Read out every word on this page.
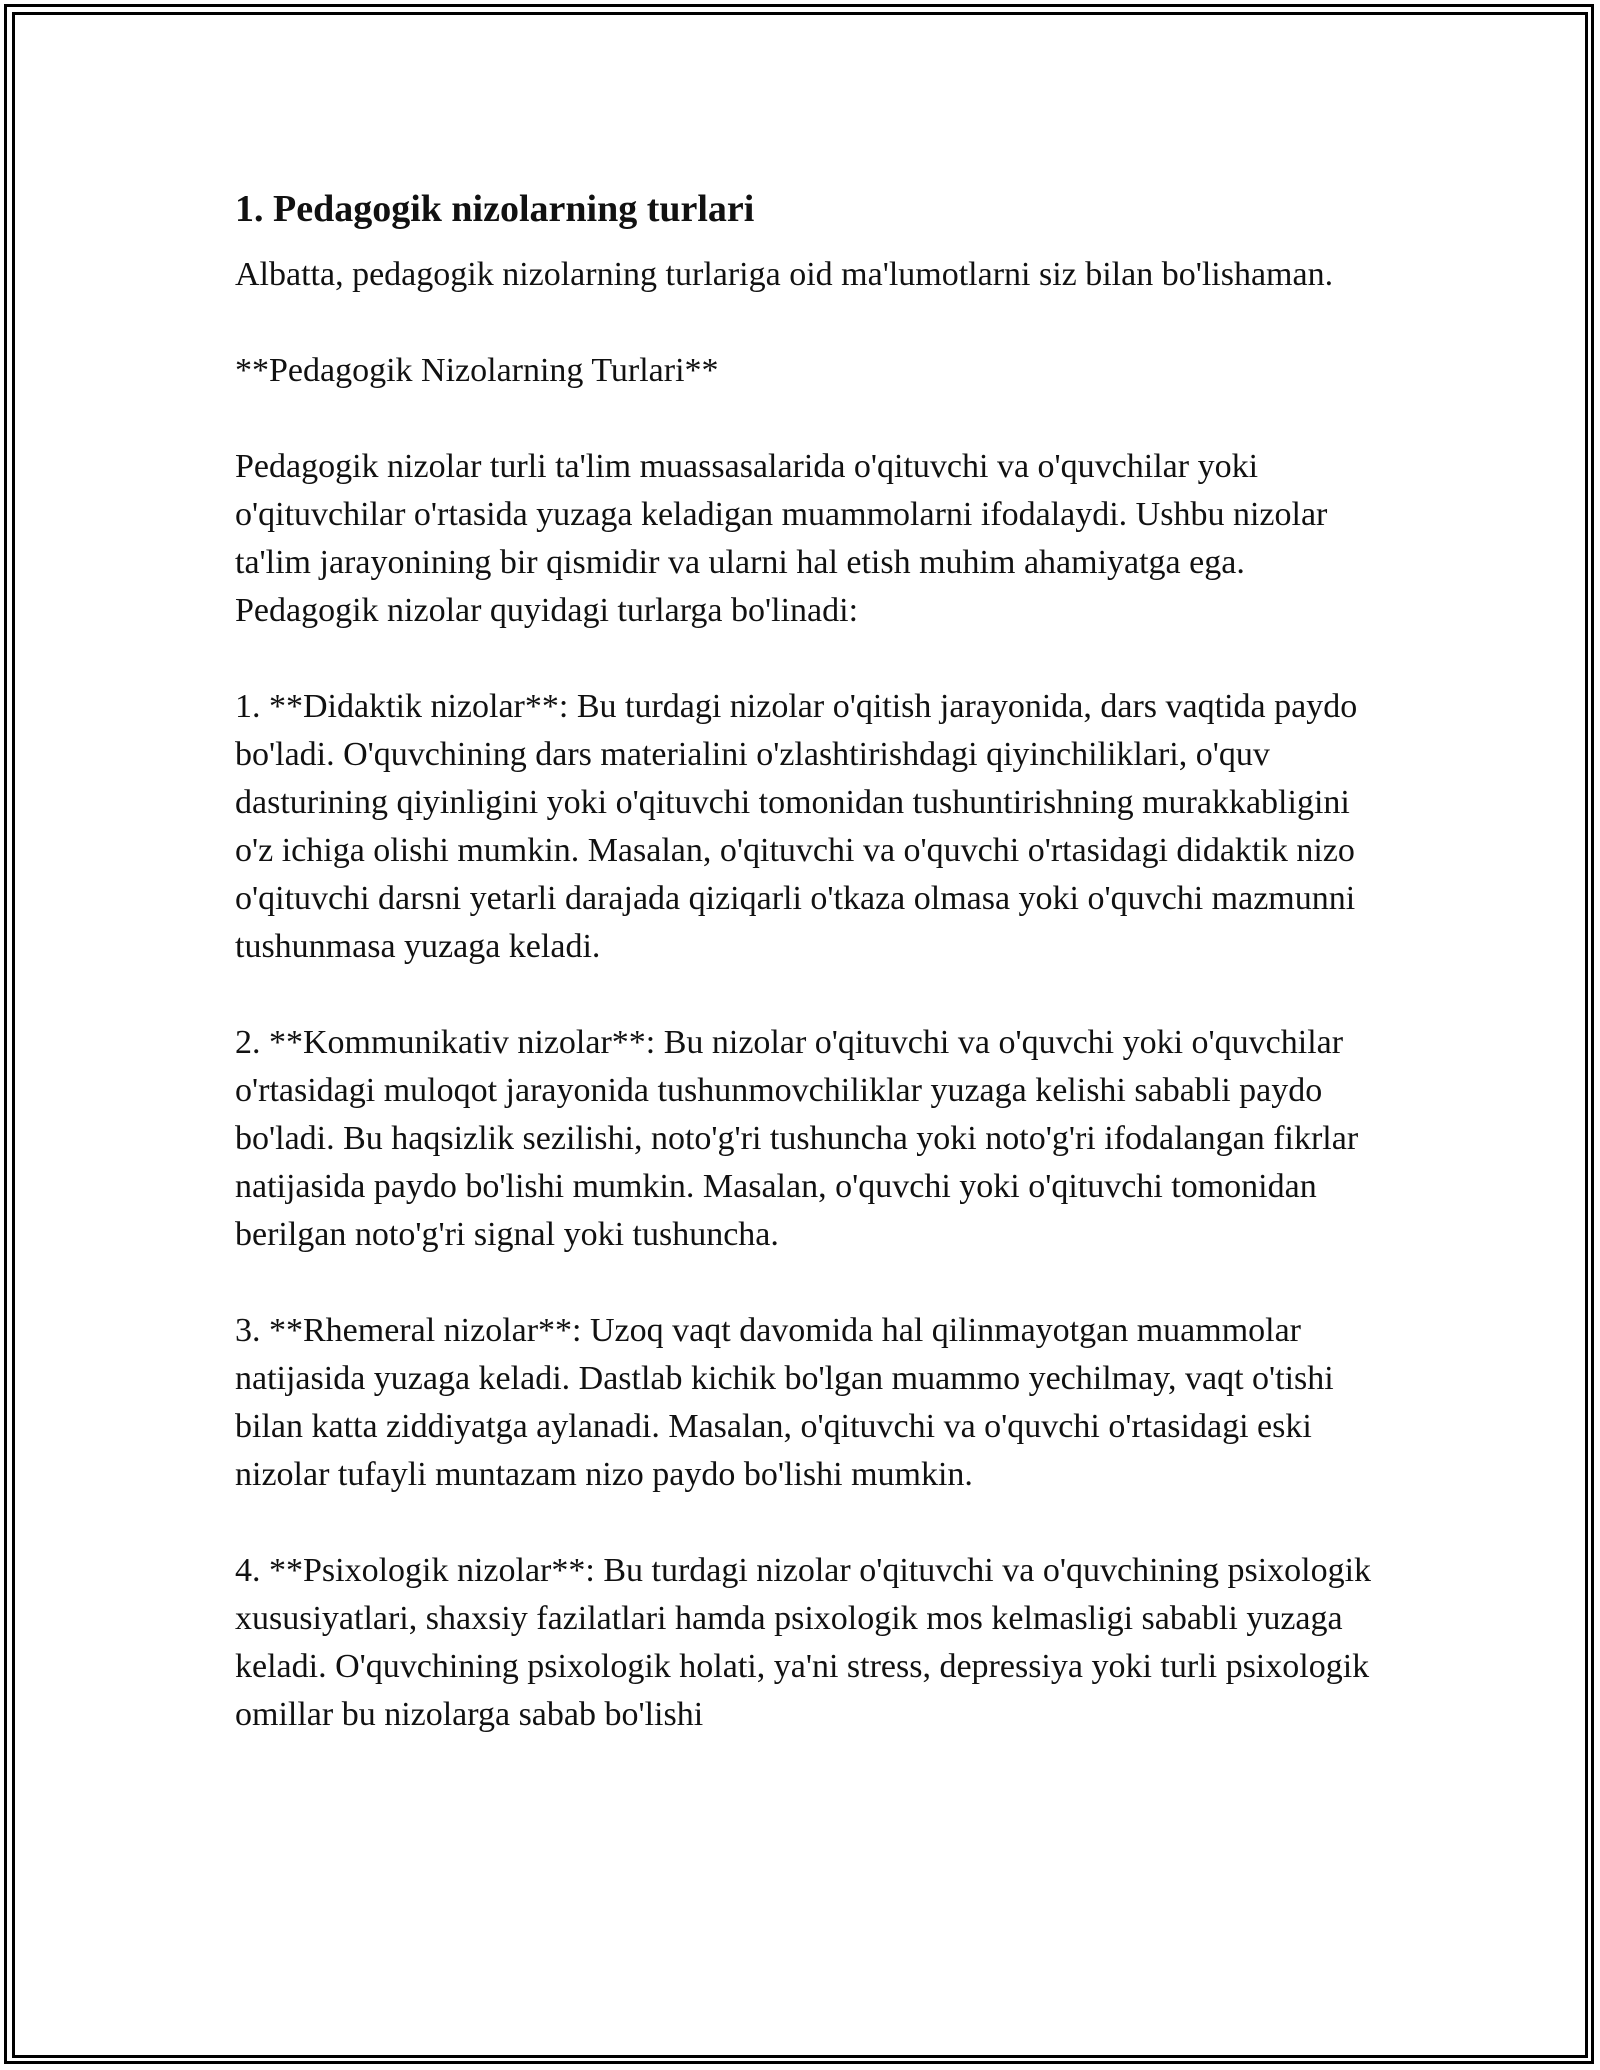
1. Pedagogik nizolarning turlari

Albatta, pedagogik nizolarning turlariga oid ma'lumotlarni siz bilan bo'lishaman.

**Pedagogik Nizolarning Turlari**

Pedagogik nizolar turli ta'lim muassasalarida o'qituvchi va o'quvchilar yoki o'qituvchilar o'rtasida yuzaga keladigan muammolarni ifodalaydi. Ushbu nizolar ta'lim jarayonining bir qismidir va ularni hal etish muhim ahamiyatga ega. Pedagogik nizolar quyidagi turlarga bo'linadi:

1. **Didaktik nizolar**: Bu turdagi nizolar o'qitish jarayonida, dars vaqtida paydo bo'ladi. O'quvchining dars materialini o'zlashtirishdagi qiyinchiliklari, o'quv dasturining qiyinligini yoki o'qituvchi tomonidan tushuntirishning murakkabligini o'z ichiga olishi mumkin. Masalan, o'qituvchi va o'quvchi o'rtasidagi didaktik nizo o'qituvchi darsni yetarli darajada qiziqarli o'tkaza olmasa yoki o'quvchi mazmunni tushunmasa yuzaga keladi.

2. **Kommunikativ nizolar**: Bu nizolar o'qituvchi va o'quvchi yoki o'quvchilar o'rtasidagi muloqot jarayonida tushunmovchiliklar yuzaga kelishi sababli paydo bo'ladi. Bu haqsizlik sezilishi, noto'g'ri tushuncha yoki noto'g'ri ifodalangan fikrlar natijasida paydo bo'lishi mumkin. Masalan, o'quvchi yoki o'qituvchi tomonidan berilgan noto'g'ri signal yoki tushuncha.

3. **Rhemeral nizolar**: Uzoq vaqt davomida hal qilinmayotgan muammolar natijasida yuzaga keladi. Dastlab kichik bo'lgan muammo yechilmay, vaqt o'tishi bilan katta ziddiyatga aylanadi. Masalan, o'qituvchi va o'quvchi o'rtasidagi eski nizolar tufayli muntazam nizo paydo bo'lishi mumkin.

4. **Psixologik nizolar**: Bu turdagi nizolar o'qituvchi va o'quvchining psixologik xususiyatlari, shaxsiy fazilatlari hamda psixologik mos kelmasligi sababli yuzaga keladi. O'quvchining psixologik holati, ya'ni stress, depressiya yoki turli psixologik omillar bu nizolarga sabab bo'lishi
